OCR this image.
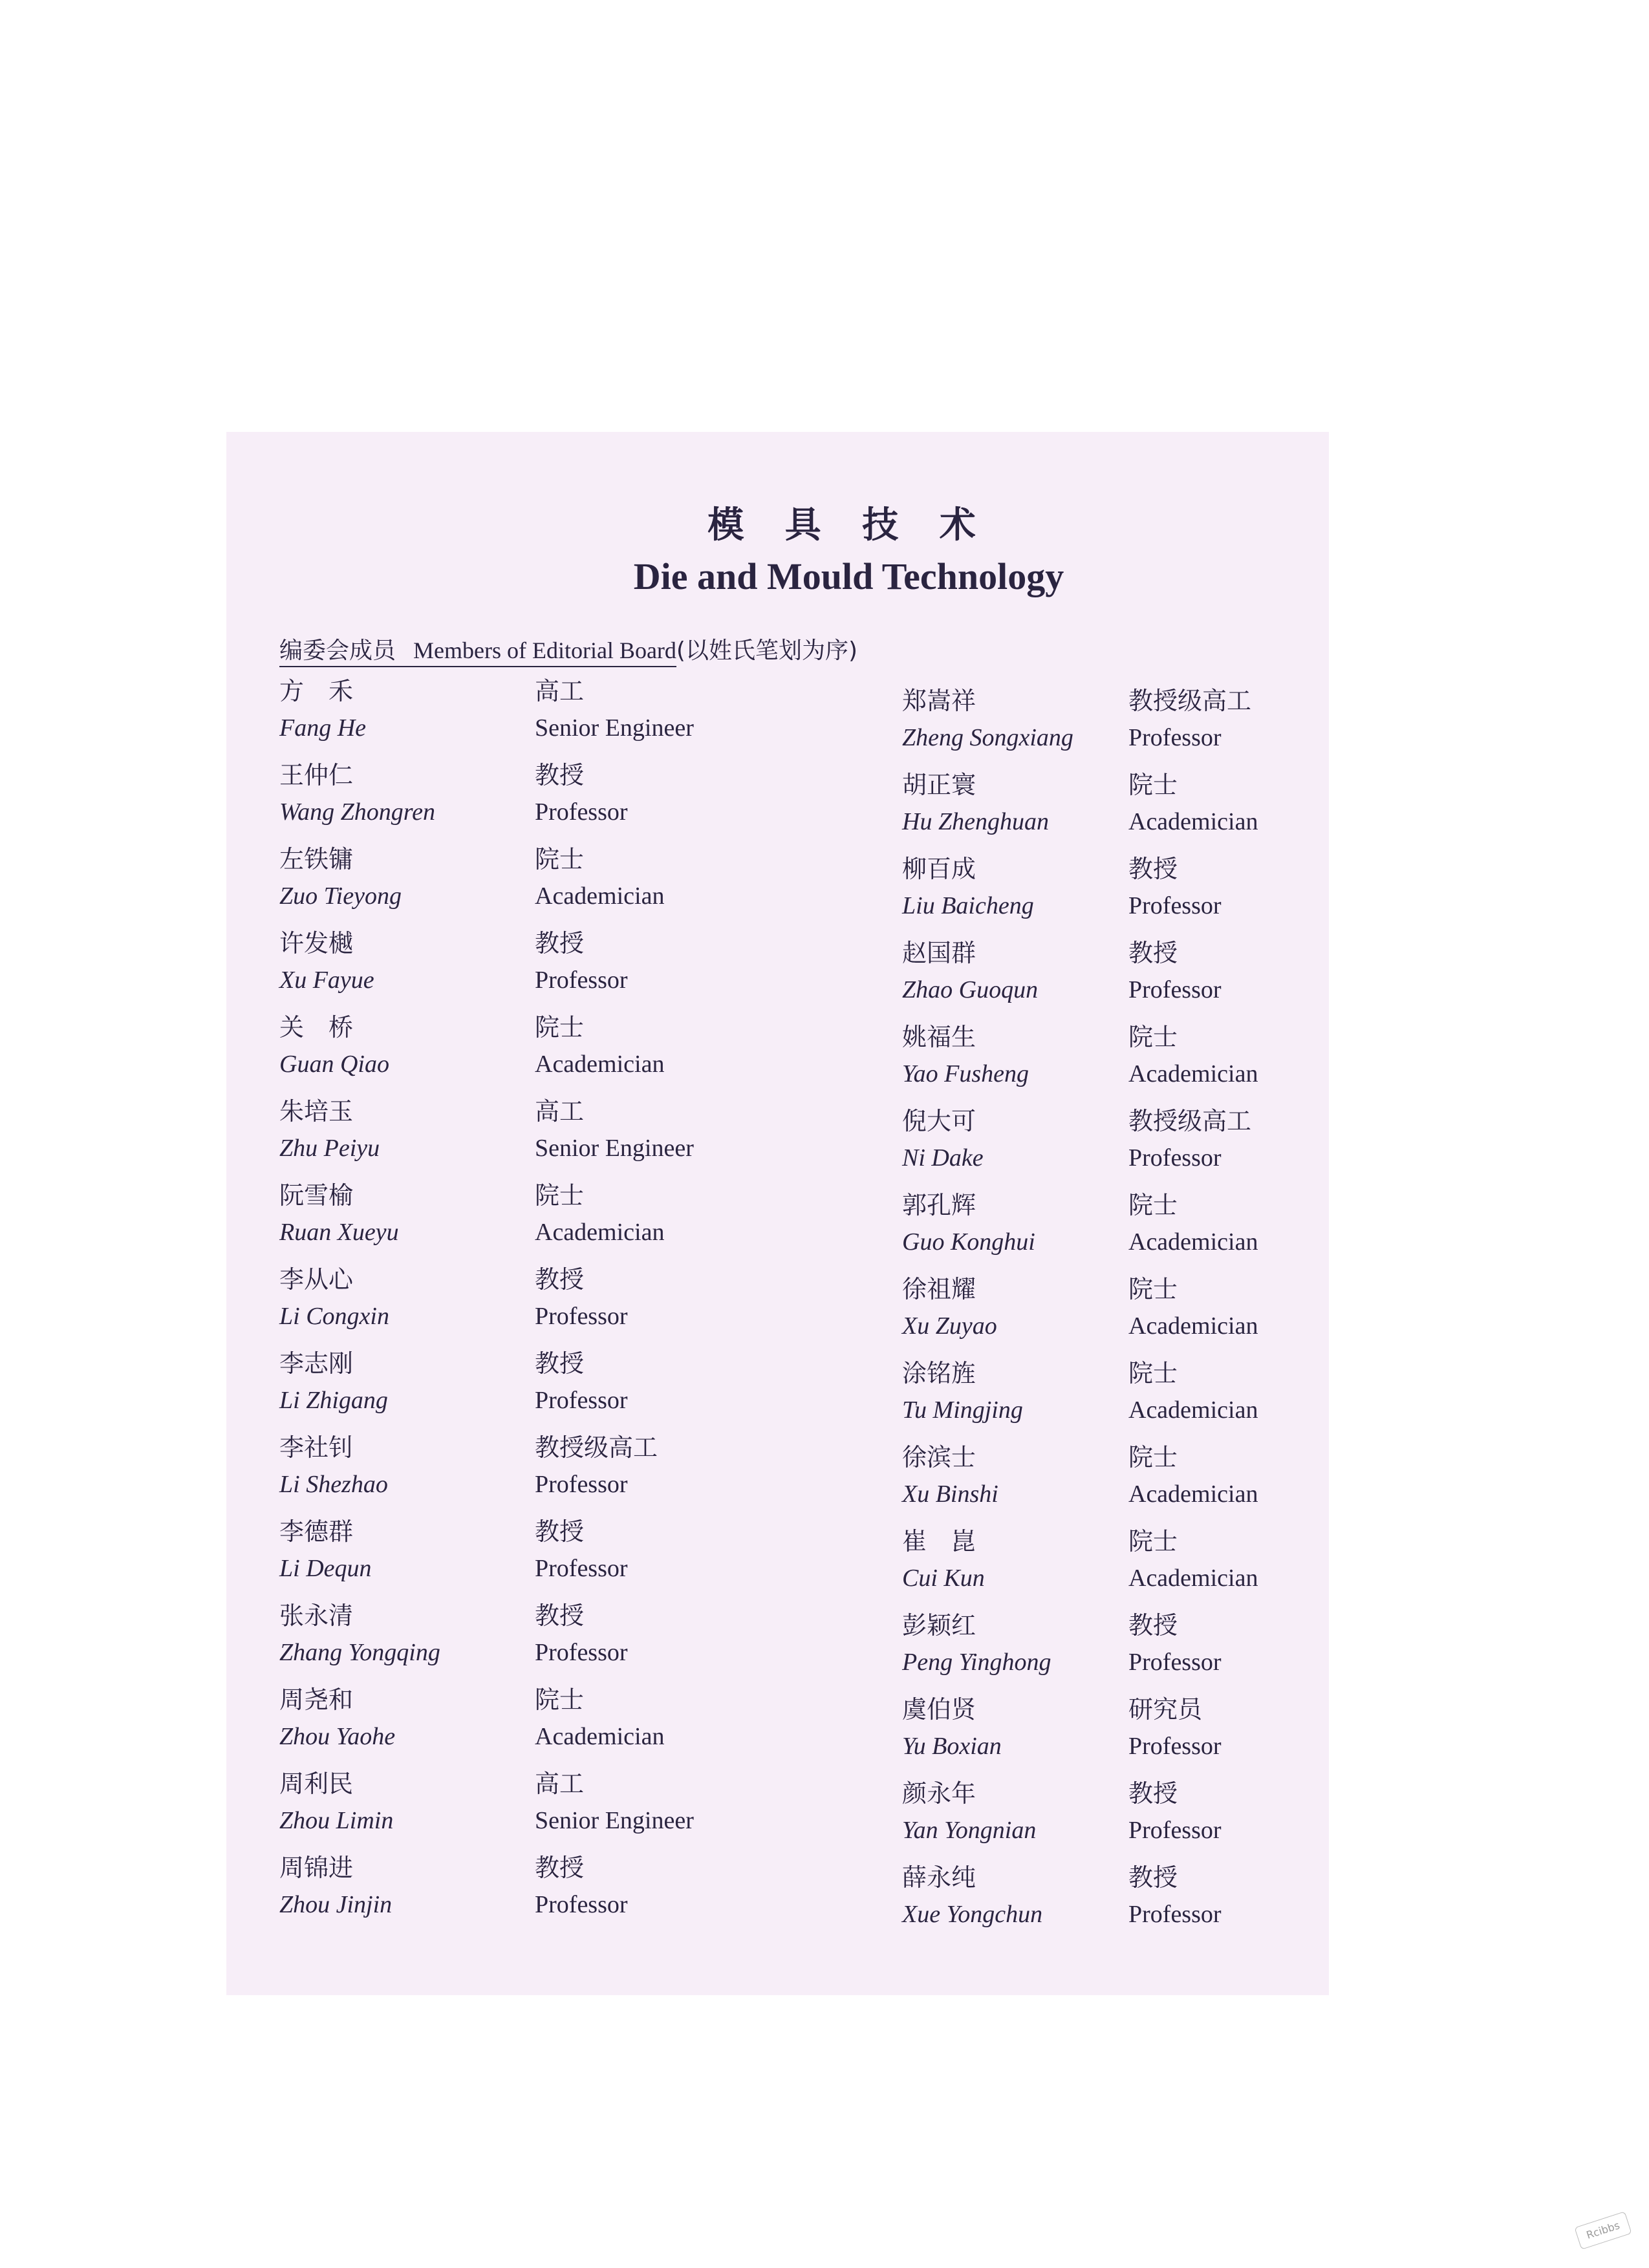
模 具 技 术
Die and Mould Technology
编委会成员 Members of Editorial Board(以姓氏笔划为序)
方　禾
Fang He
高工
Senior Engineer
王仲仁
Wang Zhongren
教授
Professor
左铁镛
Zuo Tieyong
院士
Academician
许发樾
Xu Fayue
教授
Professor
关　桥
Guan Qiao
院士
Academician
朱培玉
Zhu Peiyu
高工
Senior Engineer
阮雪榆
Ruan Xueyu
院士
Academician
李从心
Li Congxin
教授
Professor
李志刚
Li Zhigang
教授
Professor
李社钊
Li Shezhao
教授级高工
Professor
李德群
Li Dequn
教授
Professor
张永清
Zhang Yongqing
教授
Professor
周尧和
Zhou Yaohe
院士
Academician
周利民
Zhou Limin
高工
Senior Engineer
周锦进
Zhou Jinjin
教授
Professor
郑嵩祥
Zheng Songxiang
教授级高工
Professor
胡正寰
Hu Zhenghuan
院士
Academician
柳百成
Liu Baicheng
教授
Professor
赵国群
Zhao Guoqun
教授
Professor
姚福生
Yao Fusheng
院士
Academician
倪大可
Ni Dake
教授级高工
Professor
郭孔辉
Guo Konghui
院士
Academician
徐祖耀
Xu Zuyao
院士
Academician
涂铭旌
Tu Mingjing
院士
Academician
徐滨士
Xu Binshi
院士
Academician
崔　崑
Cui Kun
院士
Academician
彭颖红
Peng Yinghong
教授
Professor
虞伯贤
Yu Boxian
研究员
Professor
颜永年
Yan Yongnian
教授
Professor
薛永纯
Xue Yongchun
教授
Professor
Rcibbs
